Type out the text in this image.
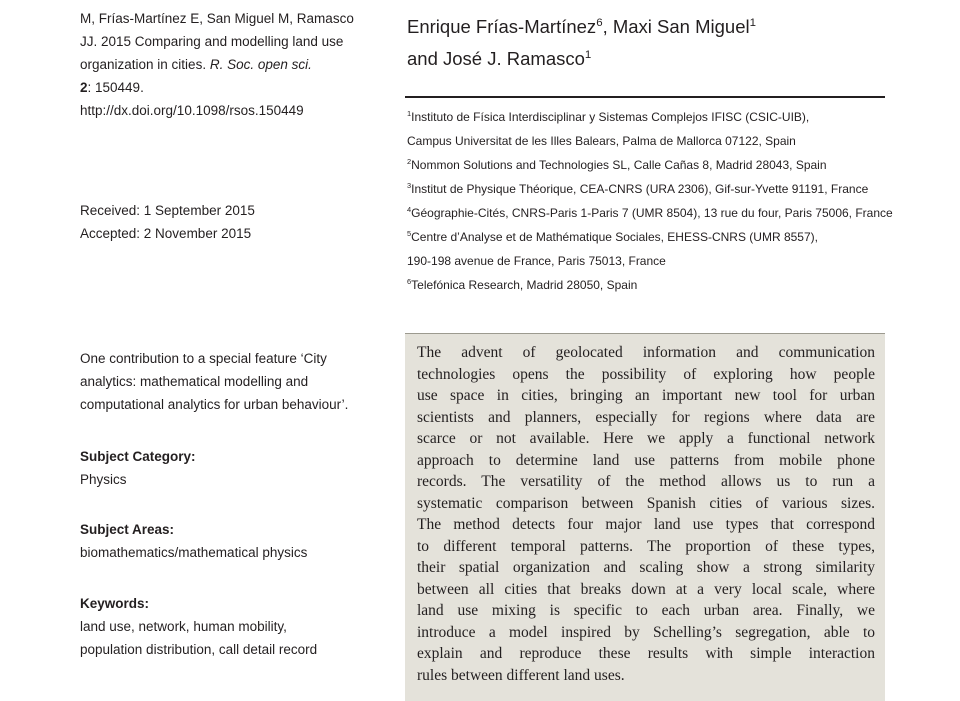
M, Frías-Martínez E, San Miguel M, Ramasco
JJ. 2015 Comparing and modelling land use
organization in cities. R. Soc. open sci.
2: 150449.
http://dx.doi.org/10.1098/rsos.150449
Received: 1 September 2015
Accepted: 2 November 2015
One contribution to a special feature ‘City
analytics: mathematical modelling and
computational analytics for urban behaviour’.
Subject Category:
Physics
Subject Areas:
biomathematics/mathematical physics
Keywords:
land use, network, human mobility,
population distribution, call detail record
Enrique Frías-Martínez$^6$, Maxi San Miguel$^1$
and José J. Ramasco$^1$
$^1$Instituto de Física Interdisciplinar y Sistemas Complejos IFISC (CSIC-UIB),
Campus Universitat de les Illes Balears, Palma de Mallorca 07122, Spain
$^2$Nommon Solutions and Technologies SL, Calle Cañas 8, Madrid 28043, Spain
$^3$Institut de Physique Théorique, CEA-CNRS (URA 2306), Gif-sur-Yvette 91191, France
$^4$Géographie-Cités, CNRS-Paris 1-Paris 7 (UMR 8504), 13 rue du four, Paris 75006, France
$^5$Centre d’Analyse et de Mathématique Sociales, EHESS-CNRS (UMR 8557),
190-198 avenue de France, Paris 75013, France
$^6$Telefónica Research, Madrid 28050, Spain
The advent of geolocated information and communication
technologies opens the possibility of exploring how people
use space in cities, bringing an important new tool for urban
scientists and planners, especially for regions where data are
scarce or not available. Here we apply a functional network
approach to determine land use patterns from mobile phone
records. The versatility of the method allows us to run a
systematic comparison between Spanish cities of various sizes.
The method detects four major land use types that correspond
to different temporal patterns. The proportion of these types,
their spatial organization and scaling show a strong similarity
between all cities that breaks down at a very local scale, where
land use mixing is specific to each urban area. Finally, we
introduce a model inspired by Schelling’s segregation, able to
explain and reproduce these results with simple interaction
rules between different land uses.
